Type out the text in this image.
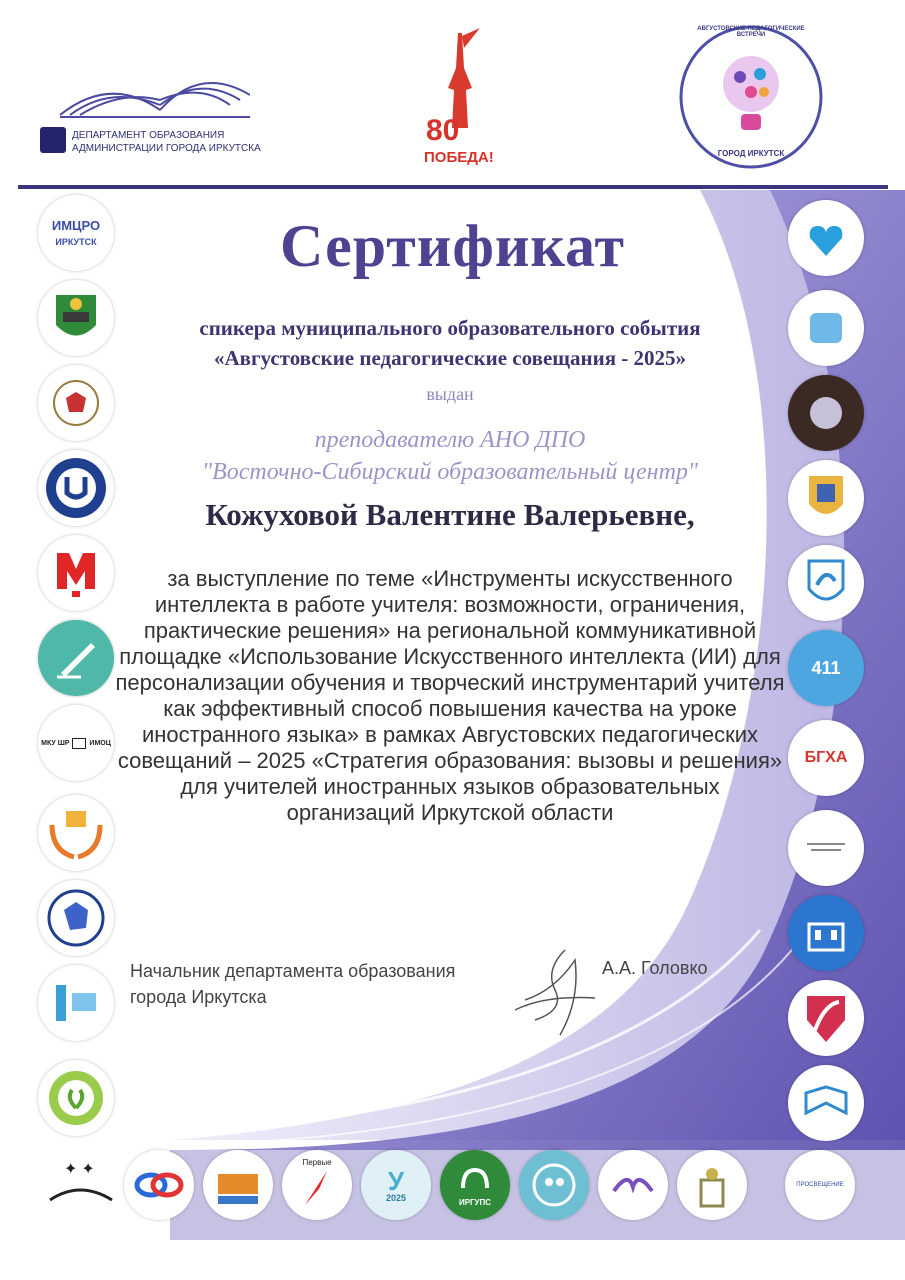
ДЕПАРТАМЕНТ ОБРАЗОВАНИЯ
АДМИНИСТРАЦИИ ГОРОДА ИРКУТСКА
80
ПОБЕДА!	ГОРОД ИРКУТСК
АВГУСТОВСКИЕ ПЕДАГОГИЧЕСКИЕ ВСТРЕЧИ
ИМЦРО
ИРКУТСК
МКУ ШР	ИМОЦ
411
БГХА
✦ ✦	Первые
У
2025	ИРГУПС
ПРОСВЕЩЕНИЕ
Сертификат
спикера муниципального образовательного события
«Августовские педагогические совещания - 2025»
выдан
преподавателю АНО ДПО
"Восточно-Сибирский образовательный центр"
Кожуховой Валентине Валерьевне,
за выступление по теме «Инструменты искусственного интеллекта в работе учителя: возможности, ограничения, практические решения» на региональной коммуникативной площадке «Использование Искусственного интеллекта (ИИ) для персонализации обучения и творческий инструментарий учителя как эффективный способ повышения качества на уроке иностранного языка» в рамках Августовских педагогических совещаний – 2025 «Стратегия образования: вызовы и решения» для учителей иностранных языков образовательных организаций Иркутской области
Начальник департамента образования
города Иркутска
А.А. Головко
